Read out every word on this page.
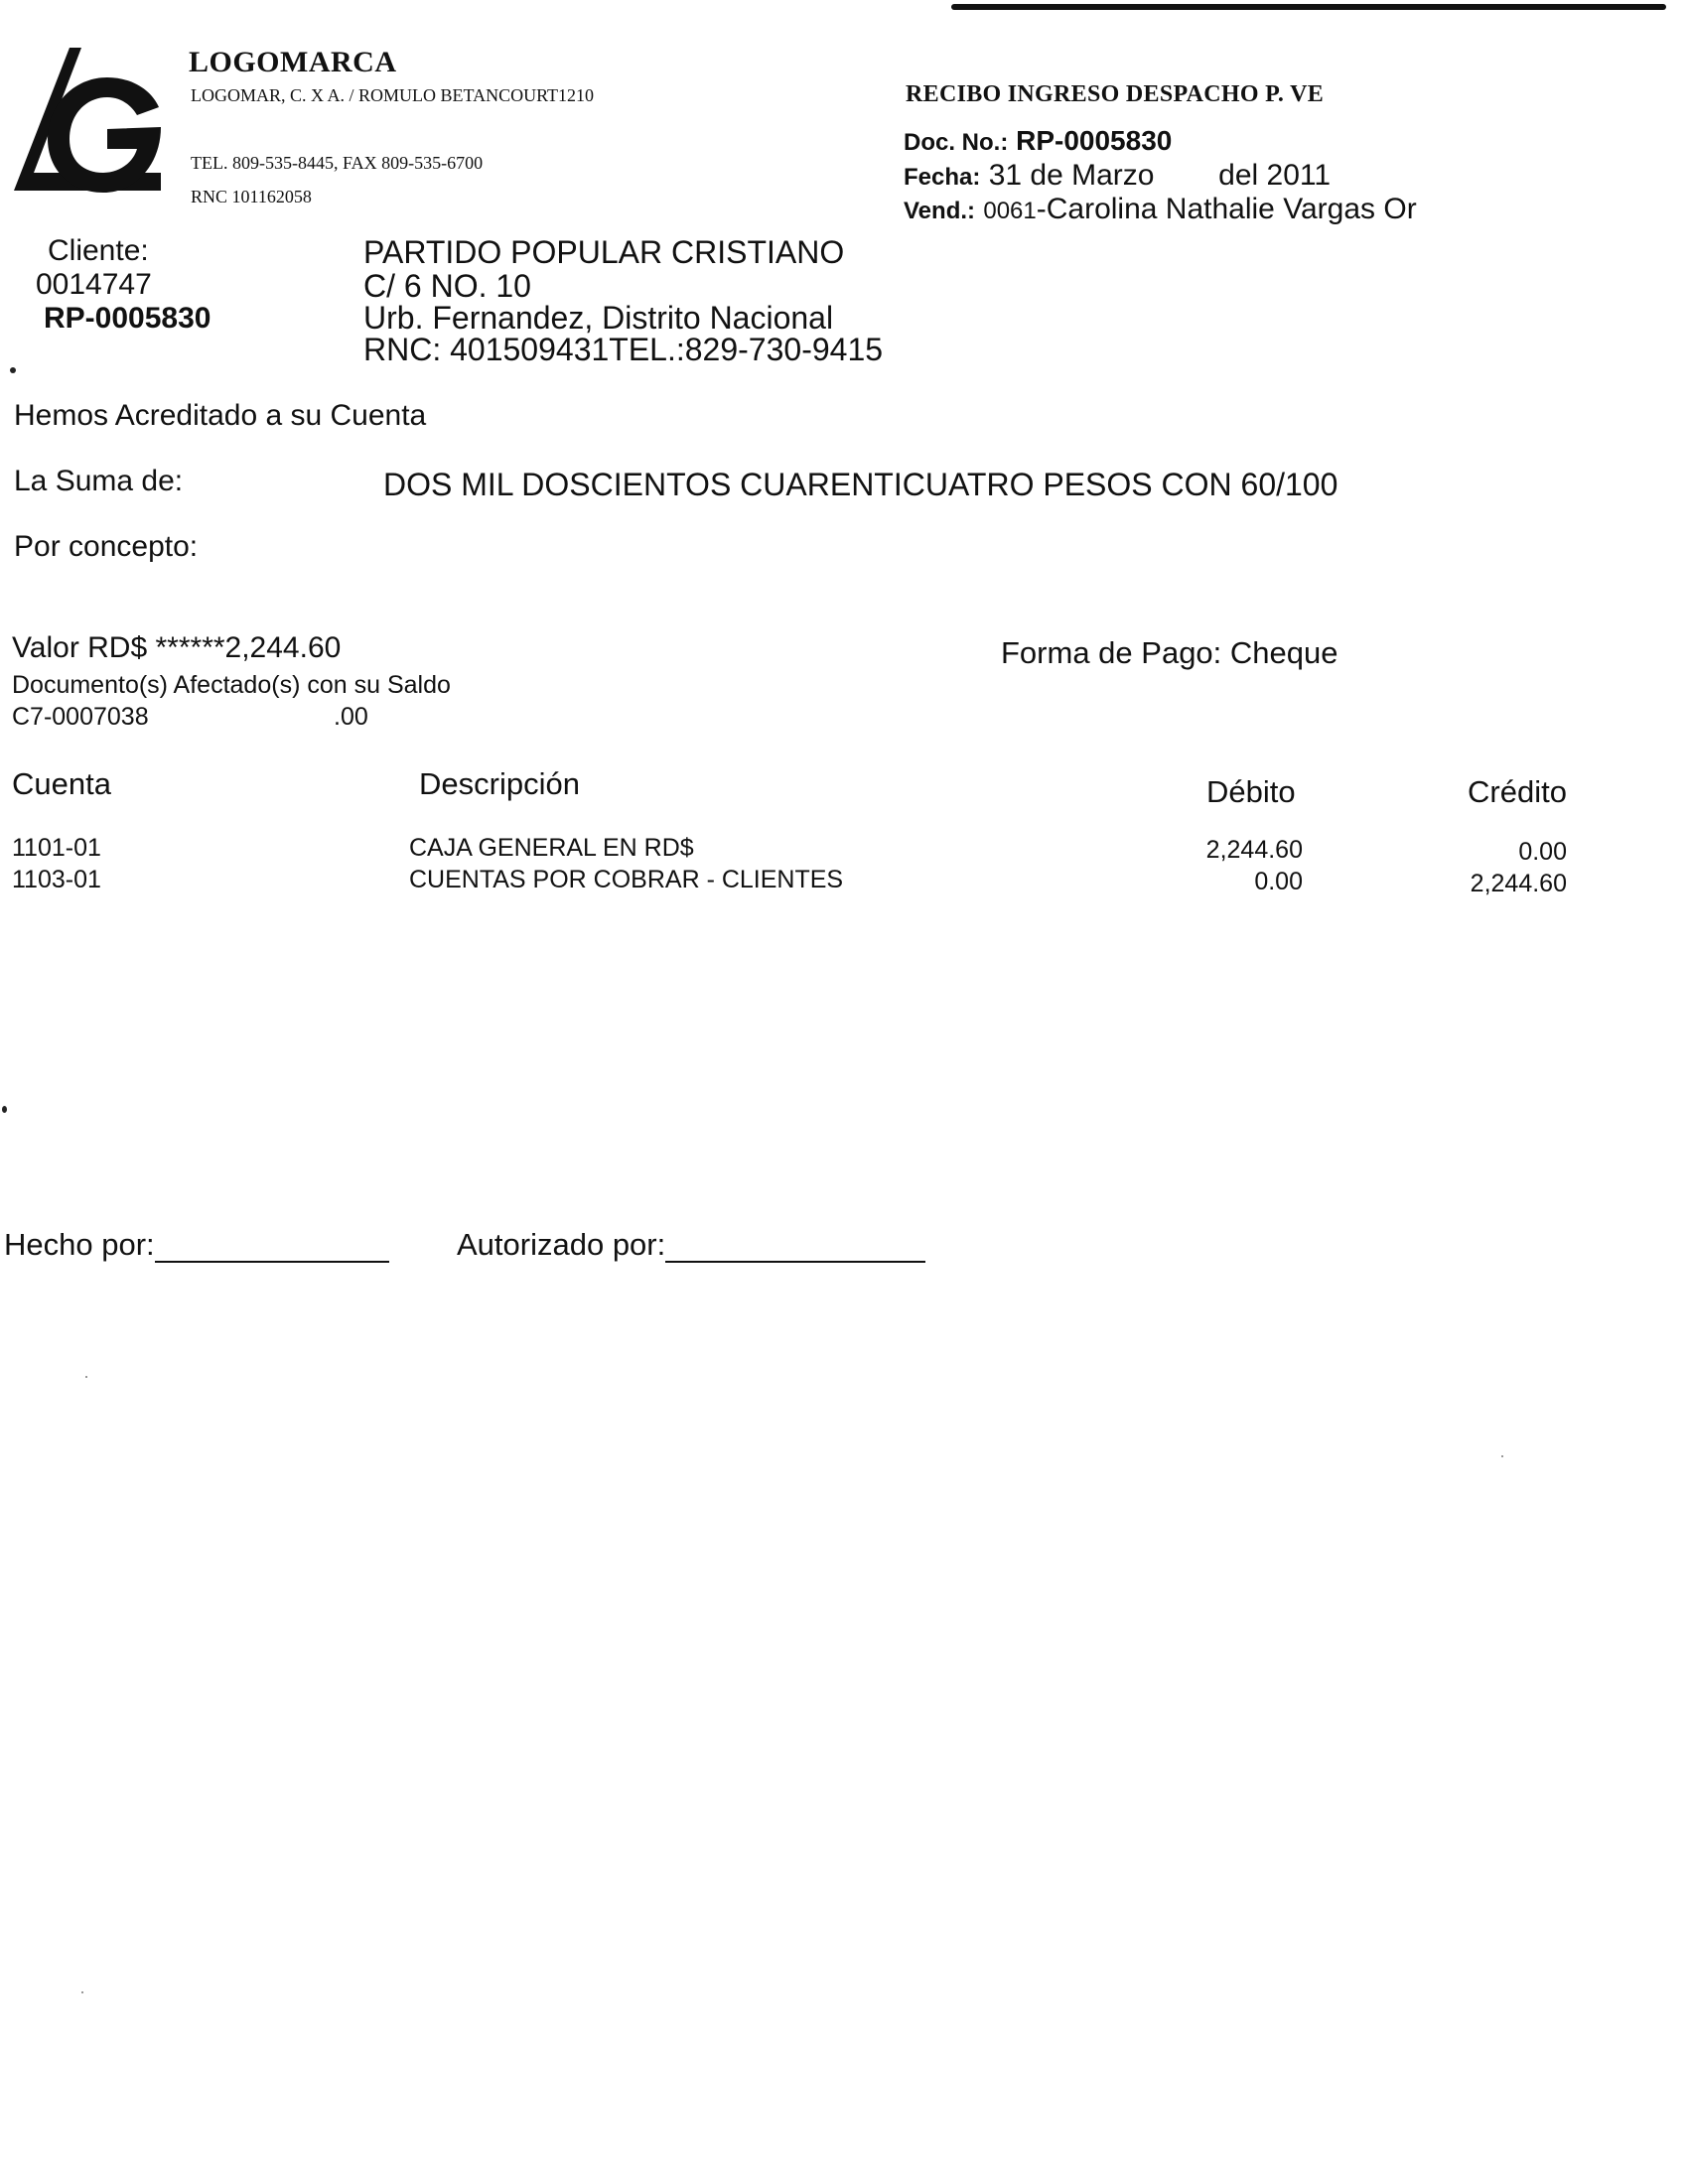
LOGOMARCA
LOGOMAR, C. X A. / ROMULO BETANCOURT1210
TEL. 809-535-8445, FAX 809-535-6700
RNC 101162058
RECIBO INGRESO DESPACHO P. VE
Doc. No.: RP-0005830
Fecha: 31 de Marzo del 2011
Vend.: 0061-Carolina Nathalie Vargas Or
Cliente:
0014747
RP-0005830
PARTIDO POPULAR CRISTIANO
C/ 6 NO. 10
Urb. Fernandez, Distrito Nacional
RNC: 401509431TEL.:829-730-9415
Hemos Acreditado a su Cuenta
La Suma de:	DOS MIL DOSCIENTOS CUARENTICUATRO PESOS CON 60/100
Por concepto:
Valor RD$ ******2,244.60	Forma de Pago: Cheque
Documento(s) Afectado(s) con su Saldo
C7-0007038	.00
Cuenta	Descripción	Débito	Crédito
1101-01	CAJA GENERAL EN RD$	2,244.60	0.00
1103-01	CUENTAS POR COBRAR - CLIENTES	0.00	2,244.60
Hecho por:	Autorizado por:
